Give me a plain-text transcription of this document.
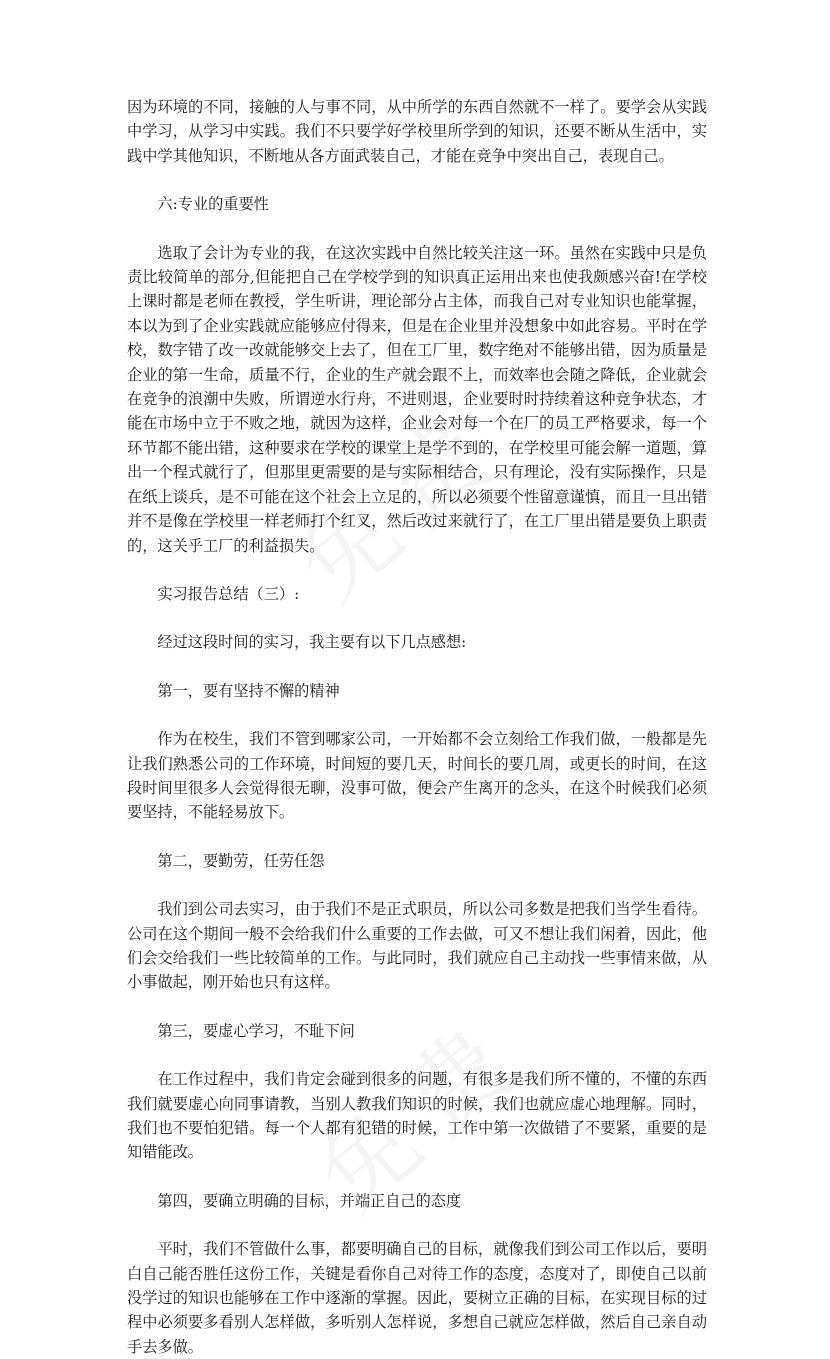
因为环境的不同，接触的人与事不同，从中所学的东西自然就不一样了。要学会从实践中学习，从学习中实践。我们不只要学好学校里所学到的知识，还要不断从生活中，实践中学其他知识，不断地从各方面武装自己，才能在竞争中突出自己，表现自己。

六:专业的重要性

选取了会计为专业的我，在这次实践中自然比较关注这一环。虽然在实践中只是负责比较简单的部分,但能把自己在学校学到的知识真正运用出来也使我颇感兴奋!在学校上课时都是老师在教授，学生听讲，理论部分占主体，而我自己对专业知识也能掌握，本以为到了企业实践就应能够应付得来，但是在企业里并没想象中如此容易。平时在学校，数字错了改一改就能够交上去了，但在工厂里，数字绝对不能够出错，因为质量是企业的第一生命，质量不行，企业的生产就会跟不上，而效率也会随之降低，企业就会在竞争的浪潮中失败，所谓逆水行舟，不进则退，企业要时时持续着这种竞争状态，才能在市场中立于不败之地，就因为这样，企业会对每一个在厂的员工严格要求，每一个环节都不能出错，这种要求在学校的课堂上是学不到的，在学校里可能会解一道题，算出一个程式就行了，但那里更需要的是与实际相结合，只有理论，没有实际操作，只是在纸上谈兵，是不可能在这个社会上立足的，所以必须要个性留意谨慎，而且一旦出错并不是像在学校里一样老师打个红叉，然后改过来就行了，在工厂里出错是要负上职责的，这关乎工厂的利益损失。

实习报告总结（三）:

经过这段时间的实习，我主要有以下几点感想:

第一，要有坚持不懈的精神

作为在校生，我们不管到哪家公司，一开始都不会立刻给工作我们做，一般都是先让我们熟悉公司的工作环境，时间短的要几天，时间长的要几周，或更长的时间，在这段时间里很多人会觉得很无聊，没事可做，便会产生离开的念头，在这个时候我们必须要坚持，不能轻易放下。

第二，要勤劳，任劳任怨

我们到公司去实习，由于我们不是正式职员，所以公司多数是把我们当学生看待。公司在这个期间一般不会给我们什么重要的工作去做，可又不想让我们闲着，因此，他们会交给我们一些比较简单的工作。与此同时，我们就应自己主动找一些事情来做，从小事做起，刚开始也只有这样。

第三，要虚心学习，不耻下问

在工作过程中，我们肯定会碰到很多的问题，有很多是我们所不懂的，不懂的东西我们就要虚心向同事请教，当别人教我们知识的时候，我们也就应虚心地理解。同时，我们也不要怕犯错。每一个人都有犯错的时候，工作中第一次做错了不要紧，重要的是知错能改。

第四，要确立明确的目标，并端正自己的态度

平时，我们不管做什么事，都要明确自己的目标，就像我们到公司工作以后，要明白自己能否胜任这份工作，关键是看你自己对待工作的态度，态度对了，即使自己以前没学过的知识也能够在工作中逐渐的掌握。因此，要树立正确的目标，在实现目标的过程中必须要多看别人怎样做，多听别人怎样说，多想自己就应怎样做，然后自己亲自动手去多做。
